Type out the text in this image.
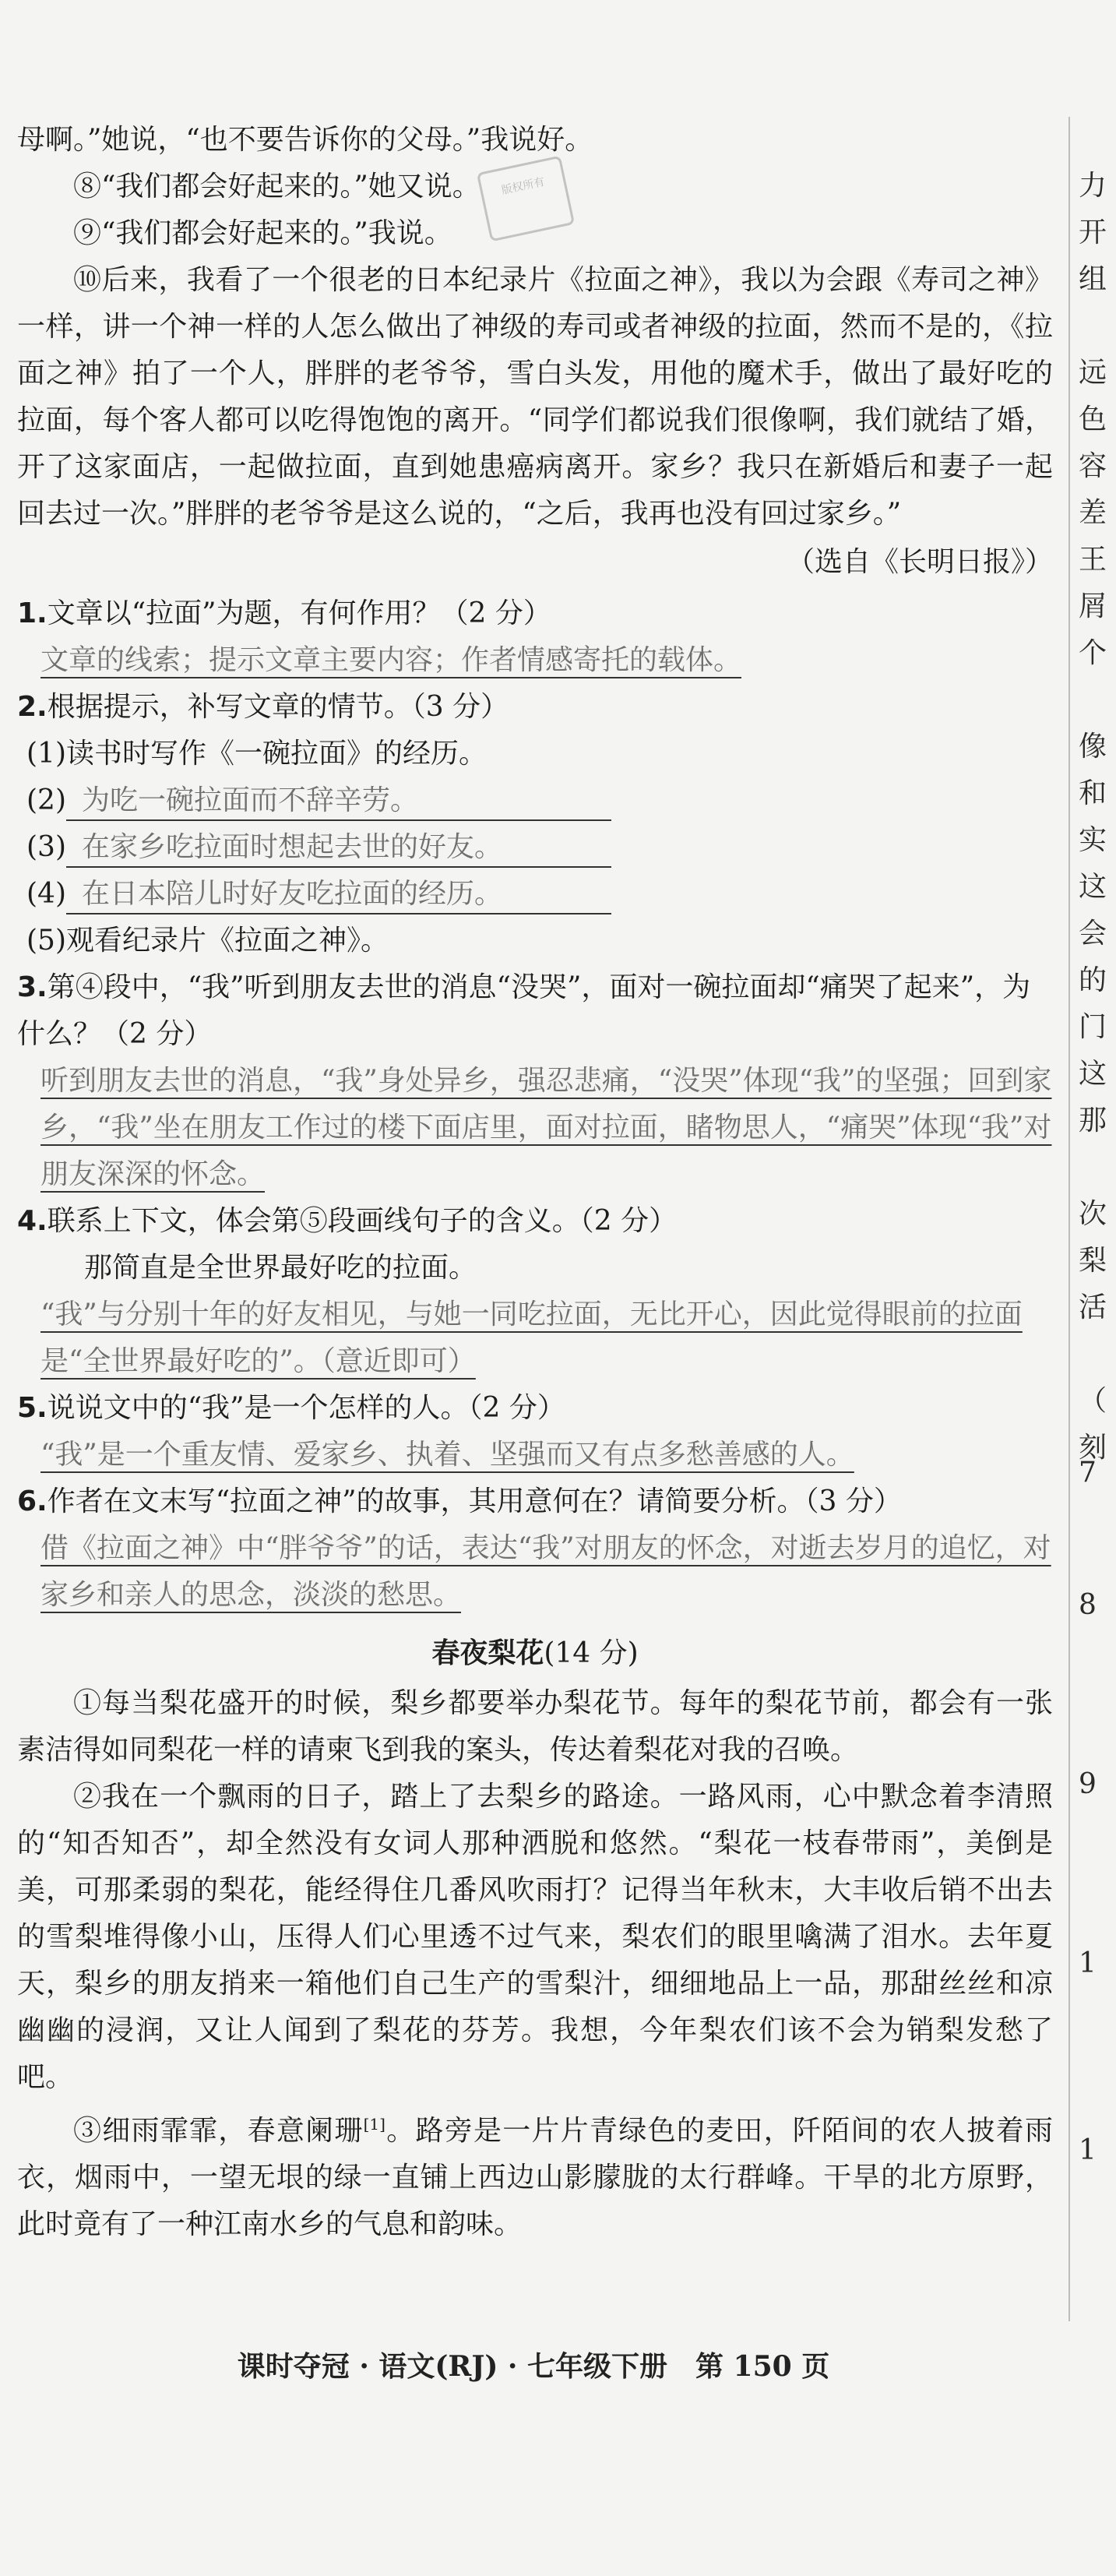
母啊。”她说，“也不要告诉你的父母。”我说好。

⑧“我们都会好起来的。”她又说。

⑨“我们都会好起来的。”我说。

⑩后来，我看了一个很老的日本纪录片《拉面之神》，我以为会跟《寿司之神》一样，讲一个神一样的人怎么做出了神级的寿司或者神级的拉面，然而不是的，《拉面之神》拍了一个人，胖胖的老爷爷，雪白头发，用他的魔术手，做出了最好吃的拉面，每个客人都可以吃得饱饱的离开。“同学们都说我们很像啊，我们就结了婚，开了这家面店，一起做拉面，直到她患癌病离开。家乡？我只在新婚后和妻子一起回去过一次。”胖胖的老爷爷是这么说的，“之后，我再也没有回过家乡。”

（选自《长明日报》）

1.文章以“拉面”为题，有何作用？（2 分）

文章的线索；提示文章主要内容；作者情感寄托的载体。

2.根据提示，补写文章的情节。（3 分）

(1)读书时写作《一碗拉面》的经历。

(2) 为吃一碗拉面而不辞辛劳。

(3) 在家乡吃拉面时想起去世的好友。

(4) 在日本陪儿时好友吃拉面的经历。

(5)观看纪录片《拉面之神》。

3.第④段中，“我”听到朋友去世的消息“没哭”，面对一碗拉面却“痛哭了起来”，为什么？（2 分）

听到朋友去世的消息，“我”身处异乡，强忍悲痛，“没哭”体现“我”的坚强；回到家乡，“我”坐在朋友工作过的楼下面店里，面对拉面，睹物思人，“痛哭”体现“我”对朋友深深的怀念。

4.联系上下文，体会第⑤段画线句子的含义。（2 分）

那简直是全世界最好吃的拉面。

“我”与分别十年的好友相见，与她一同吃拉面，无比开心，因此觉得眼前的拉面是“全世界最好吃的”。（意近即可）

5.说说文中的“我”是一个怎样的人。（2 分）

“我”是一个重友情、爱家乡、执着、坚强而又有点多愁善感的人。

6.作者在文末写“拉面之神”的故事，其用意何在？请简要分析。（3 分）

借《拉面之神》中“胖爷爷”的话，表达“我”对朋友的怀念，对逝去岁月的追忆，对家乡和亲人的思念，淡淡的愁思。

春夜梨花(14 分)

①每当梨花盛开的时候，梨乡都要举办梨花节。每年的梨花节前，都会有一张素洁得如同梨花一样的请柬飞到我的案头，传达着梨花对我的召唤。

②我在一个飘雨的日子，踏上了去梨乡的路途。一路风雨，心中默念着李清照的“知否知否”，却全然没有女词人那种洒脱和悠然。“梨花一枝春带雨”，美倒是美，可那柔弱的梨花，能经得住几番风吹雨打？记得当年秋末，大丰收后销不出去的雪梨堆得像小山，压得人们心里透不过气来，梨农们的眼里噙满了泪水。去年夏天，梨乡的朋友捎来一箱他们自己生产的雪梨汁，细细地品上一品，那甜丝丝和凉幽幽的浸润，又让人闻到了梨花的芬芳。我想，今年梨农们该不会为销梨发愁了吧。

③细雨霏霏，春意阑珊[1]。路旁是一片片青绿色的麦田，阡陌间的农人披着雨衣，烟雨中，一望无垠的绿一直铺上西边山影朦胧的太行群峰。干旱的北方原野，此时竟有了一种江南水乡的气息和韵味。

版权所有	力
开
组
远
色
容
差
王
屑
个
像
和
实
这
会
的
门
这
那
次
梨
活
（
刻
7
8
9
1
1
课时夺冠 · 语文(RJ) · 七年级下册　第 150 页
